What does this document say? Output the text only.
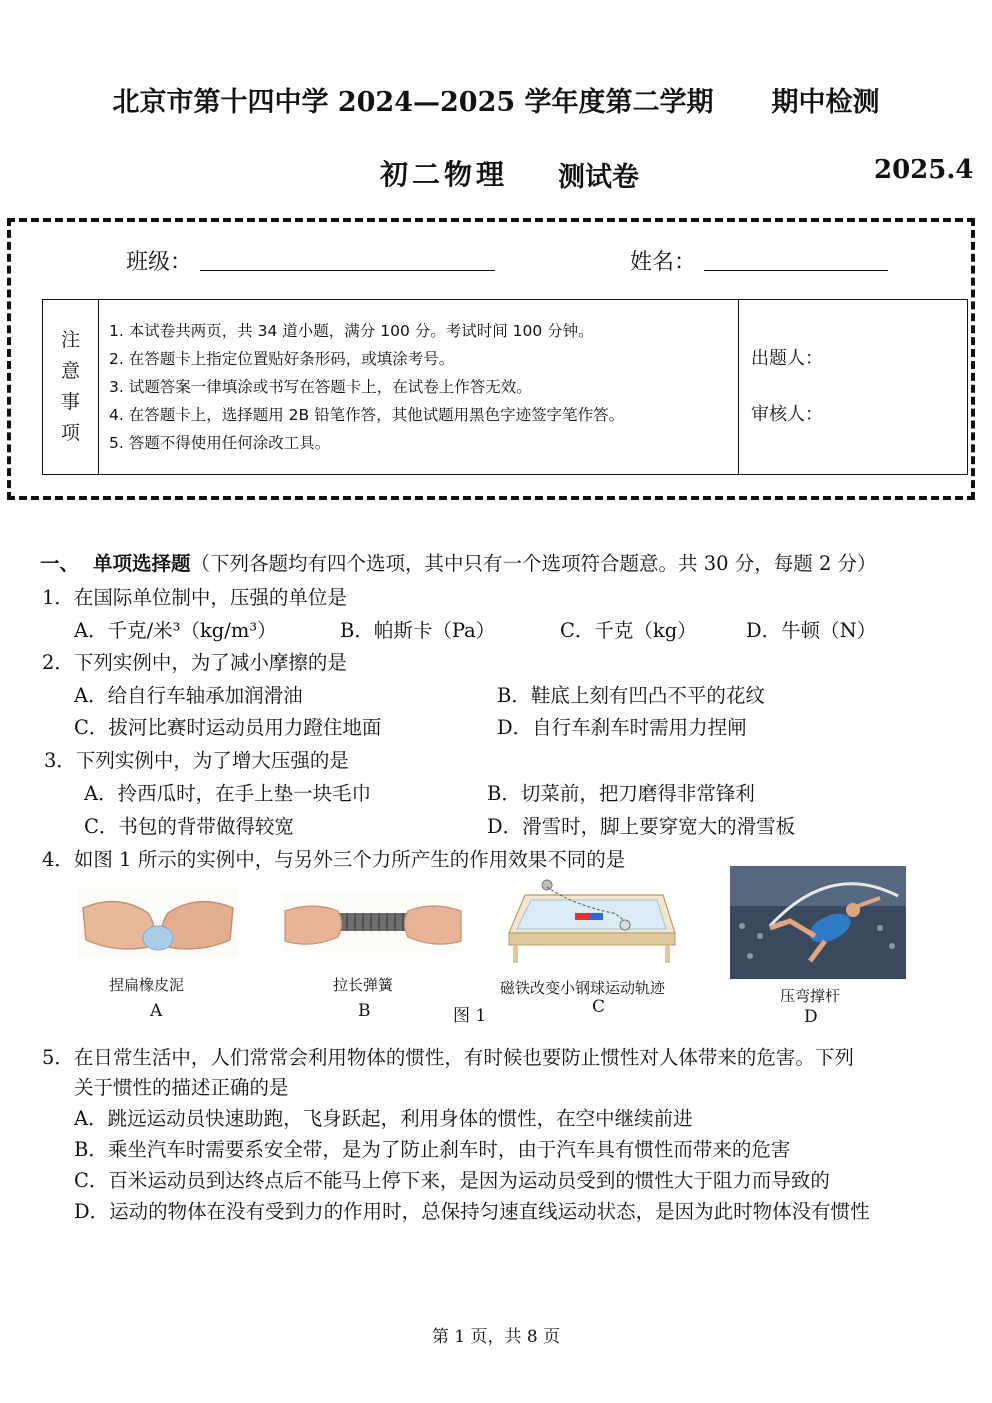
北京市第十四中学 2024—2025 学年度第二学期 期中检测
初二物理 测试卷	2025.4
班级：	姓名：
注
意
事
项

1. 本试卷共两页，共 34 道小题，满分 100 分。考试时间 100 分钟。
2. 在答题卡上指定位置贴好条形码，或填涂考号。
3. 试题答案一律填涂或书写在答题卡上，在试卷上作答无效。
4. 在答题卡上，选择题用 2B 铅笔作答，其他试题用黑色字迹签字笔作答。
5. 答题不得使用任何涂改工具。

出题人：
审核人：
一、 单项选择题（下列各题均有四个选项，其中只有一个选项符合题意。共 30 分，每题 2 分）
1．在国际单位制中，压强的单位是
A．千克/米³（kg/m³）	B．帕斯卡（Pa）	C．千克（kg）	D．牛顿（N）
2．下列实例中，为了减小摩擦的是
A．给自行车轴承加润滑油	B．鞋底上刻有凹凸不平的花纹
C．拔河比赛时运动员用力蹬住地面	D．自行车刹车时需用力捏闸
3．下列实例中，为了增大压强的是
A．拎西瓜时，在手上垫一块毛巾	B．切菜前，把刀磨得非常锋利
C．书包的背带做得较宽	D．滑雪时，脚上要穿宽大的滑雪板
4．如图 1 所示的实例中，与另外三个力所产生的作用效果不同的是
捏扁橡皮泥
A
拉长弹簧
B	图 1
磁铁改变小钢球运动轨迹
C
压弯撑杆
D
5．在日常生活中，人们常常会利用物体的惯性，有时候也要防止惯性对人体带来的危害。下列
关于惯性的描述正确的是
A．跳远运动员快速助跑，飞身跃起，利用身体的惯性，在空中继续前进
B．乘坐汽车时需要系安全带，是为了防止刹车时，由于汽车具有惯性而带来的危害
C．百米运动员到达终点后不能马上停下来，是因为运动员受到的惯性大于阻力而导致的
D．运动的物体在没有受到力的作用时，总保持匀速直线运动状态，是因为此时物体没有惯性
第 1 页，共 8 页
